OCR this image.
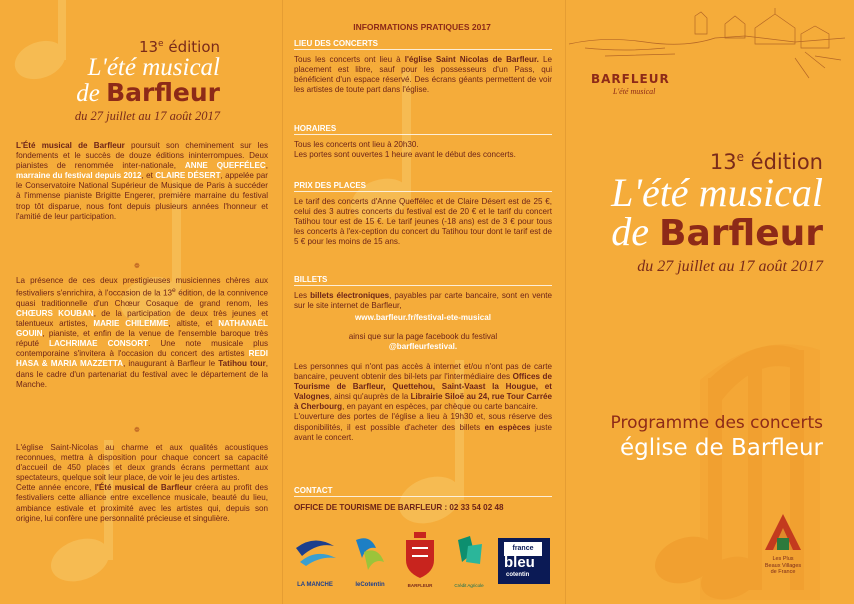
13e édition
L'été musical
de Barfleur
du 27 juillet au 17 août 2017

L'Été musical de Barfleur poursuit son cheminement sur les fondements et le succès de douze éditions ininterrompues. Deux pianistes de renommée inter-nationale, ANNE QUEFFÉLEC, marraine du festival depuis 2012, et CLAIRE DÉSERT, appelée par le Conservatoire National Supérieur de Musique de Paris à succéder à l'immense pianiste Brigitte Engerer, première marraine du festival trop tôt disparue, nous font depuis plusieurs années l'honneur et l'amitié de leur participation.

❁

La présence de ces deux prestigieuses musiciennes chères aux festivaliers s'enrichira, à l'occasion de la 13e édition, de la connivence quasi traditionnelle d'un Chœur Cosaque de grand renom, les CHŒURS KOUBAN, de la participation de deux très jeunes et talentueux artistes, MARIE CHILEMME, altiste, et NATHANAËL GOUIN, pianiste, et enfin de la venue de l'ensemble baroque très réputé LACHRIMAE CONSORT. Une note musicale plus contemporaine s'invitera à l'occasion du concert des artistes REDI HASA & MARIA MAZZETTA, inaugurant à Barfleur le Tatihou tour, dans le cadre d'un partenariat du festival avec le département de la Manche.

❁

L'église Saint-Nicolas au charme et aux qualités acoustiques reconnues, mettra à disposition pour chaque concert sa capacité d'accueil de 450 places et deux grands écrans permettant aux spectateurs, quelque soit leur place, de voir le jeu des artistes.
Cette année encore, l'Été musical de Barfleur créera au profit des festivaliers cette alliance entre excellence musicale, beauté du lieu, ambiance estivale et proximité avec les artistes qui, depuis son origine, lui confère une personnalité précieuse et singulière.

INFORMATIONS PRATIQUES 2017
LIEU DES CONCERTS

Tous les concerts ont lieu à l'église Saint Nicolas de Barfleur. Le placement est libre, sauf pour les possesseurs d'un Pass, qui bénéficient d'un espace réservé. Des écrans géants permettent de voir les artistes de toute part dans l'église.

HORAIRES

Tous les concerts ont lieu à 20h30.
Les portes sont ouvertes 1 heure avant le début des concerts.

PRIX DES PLACES

Le tarif des concerts d'Anne Queffélec et de Claire Désert est de 25 €, celui des 3 autres concerts du festival est de 20 € et le tarif du concert Tatihou tour est de 15 €. Le tarif jeunes (-18 ans) est de 3 € pour tous les concerts à l'ex-ception du concert du Tatihou tour dont le tarif est de 5 € pour les moins de 15 ans.

BILLETS

Les billets électroniques, payables par carte bancaire, sont en vente sur le site internet de Barfleur,

www.barfleur.fr/festival-ete-musical
ainsi que sur la page facebook du festival
@barfleurfestival.

Les personnes qui n'ont pas accès à internet et/ou n'ont pas de carte bancaire, peuvent obtenir des bil-lets par l'intermédiaire des Offices de Tourisme de Barfleur, Quettehou, Saint-Vaast la Hougue, et Valognes, ainsi qu'auprès de la Librairie Siloë au 24, rue Tour Carrée à Cherbourg, en payant en espèces, par chèque ou carte bancaire.
L'ouverture des portes de l'église a lieu à 19h30 et, sous réserve des disponibilités, il est possible d'acheter des billets en espèces juste avant le concert.

CONTACT
OFFICE DE TOURISME DE BARFLEUR : 02 33 54 02 48
LA MANCHE	leCotentin	BARFLEUR	Crédit Agricole
france
bleu
cotentin
BARFLEUR
L'été musical
13e édition
L'été musical
de Barfleur
du 27 juillet au 17 août 2017
Programme des concerts
église de Barfleur
Les Plus
Beaux Villages
de France
